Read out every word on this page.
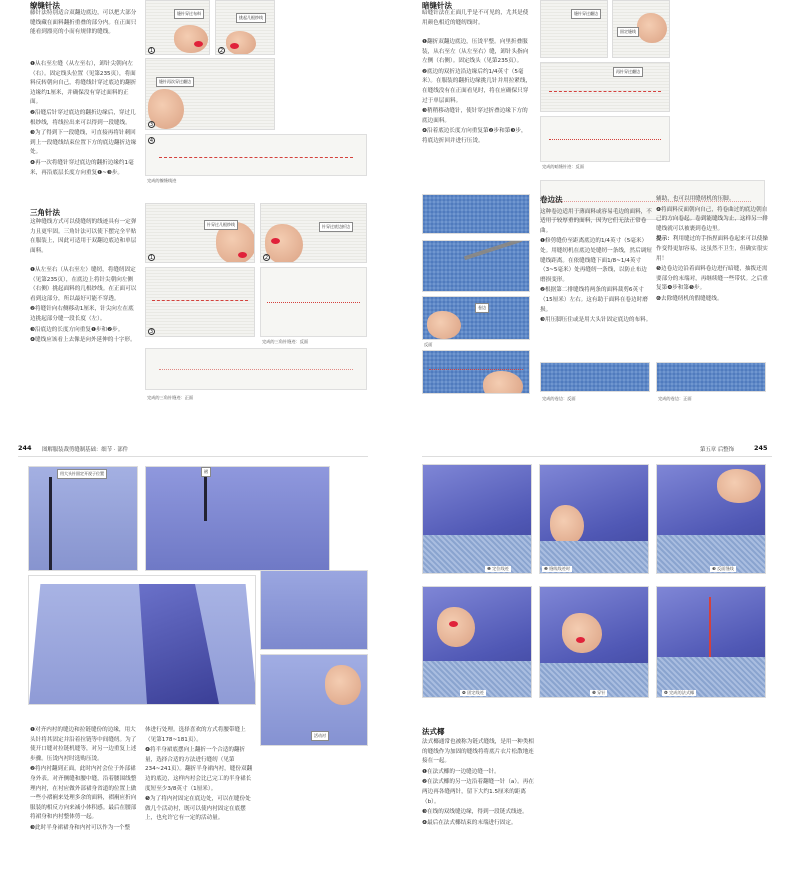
缭缝针法

藤针法特别适合双翻边底边，可以把大部分缝线藏在面料翻折重叠的部分内。在正面只能看到漂亮的小而有规律的缝线。

❶从右至左缝（从左至右），卸针尖朝向左（右）。固定线头位置（见第235页），将面料反转朝向自己，将缝线针穿过底边的翻折边缘约1厘米，并确保没有穿过面料的正面。

❷沿缝后针穿过底边的翻折边缘后，穿过几根纱线，将线拉出来可以得到一段缝线。

❸为了得到下一段缝线，可直接再将针刺回到上一段缝线结束位置下方的底边翻折边缘处。

❹再一次将缝针穿过底边的翻折边缘约1毫米，再沿底层长度方向重复❶~❸步。

缝针穿过布料
1
挑起几根纱线
2
缝针再次穿过翻边
3
4
完成的缭缝线迹
三角针法

这种缝线方式可以使缝纫的线迹具有一定弹力且更牢固。三角针法可以使下摆完全平贴在服装上，因此可适用于双翻边底边和单层面料。

❶从左至右（从右至左）缝纫，将缝纫固定（见第235页），在底边上将针尖朝向左侧（右侧）挑起面料的几根纱线。在正面可以看到这部分，所以最好可能不穿透。

❷将缝针向右侧移动1厘米，针尖向左在底边挑起部分缝一段长度（左）。

❸沿底边的长度方向重复❶步和❷步。

❹缝线应该看上去像是向外延伸的十字形。

针穿过几根纱线
1
针穿过底边折边
2
3
完成的三角针缝迹：反面
完成的三角针缝迹：正面
暗缝针法

暗缝针法在正面几乎是不可见的，尤其是使用颜色相近的缝纫线时。

❶翻折双翻边底边，压烫平整。向里折叠服装，从右至左（从左至右）缝，卸针头指向左侧（右侧）。固定线头（见第235页）。

❷底边的双折边沿边缘后约1/4英寸（5毫米）。在服装的翻折边缘挑几针并用拉紧线，在缝线没有在正面看见时，将在应确保只穿过于单层面料。

❸稍稍移动缝针，使针穿过折叠边缘下方的底边面料。

❹沿着底边长度方向重复第❷步和第❸步，将底边折回并进行压烫。

缝针穿过翻边
固定缝线
再针穿过翻边
完成的暗缝针迹：反面
卷边
反面
完成的卷边：反面	完成的卷边：正面

卷边法

这种卷边适用于薄面料或容易毛边的面料，不适用于较厚重的面料，因为它们无法正常卷曲。

❶修剪缝份至距离底边的1/4英寸（5毫米）处。用缝纫机在底边处缝纫一条线，然后调短缝线距离。在依缝线缝下面1/8~1/4英寸（3~5毫米）处再缝纫一条线，以防止布边磨损变形。

❷根据第二排缝线将两条的面料裁剪6英寸（15厘米）左右。这有助于面料在卷边时磨损。

❸用压脚压住或是用大头针固定底边的布料。

辅助，也可以用缝纫机的压脚。

❹将面料反面朝向自己，将卷曲过的底边朝自己的方向卷起。卷到能缝线为止，这样另一排缝线就可以被裹到卷边里。

提示：利用缝过的手指捏面料卷起来可以使操作变得更加容易，这虽然不卫生，但确实很实用！

❺边卷边边沿着面料卷边进行暗缝，抽拨还需要部分的末端对，再继续缝一些带状。之后重复第❹步和第❺步。

❻去除缝纫机的假缝缝线。

244 图解服装裁剪缝制基础：细节 · 部件
用大头针固定开衩子位置	褶
活动衬

❶对齐内衬的缝边和拉链缝份的边缘，用大头针将其固定并沿着拉链等中间缝纫。为了使开口缝对拉链机缝等，对另一边重复上述步骤。压烫内衬时选购压烫。

❷将内衬翻到正面，此时内衬会位于外部裙身外表。对齐侧缝和腰中缝，沿着腰围线整理内衬，在衬应做外部裙身省道的位置上做一些小褶裥来处理多余的面料，褶裥应折向服装的相反方向来减小体积感。最后在腰部将裙身和内衬整体剪一起。

❸此时半身裙裙身和内衬可以作为一个整

体进行处理。选择喜欢的方式将腰带缝上（见第178~181页）。

❹将半身裙底摆向上翻折一个合适的翻折量，选择合适的方法进行缝纫（见第234~241页）。翻折半身裙内衬，缝份双翻边的底边，这样内衬会比已完工的半身裙长度短至少3/8英寸（1厘米）。

❺为了将内衬固定在底边处，可以在缝份处做几个活动衬，既可以使内衬固定在底摆上，也允许它有一定的活动量。

第五章 后整饰	245
❶ 定位线迹	❷ 缝线线迹时	❸ 反面缝线
❹ 固定线迹	❺ 穿针	❻ 完成的法式椰
法式椰

法式椰通常也被称为链式缝线，是用一种类相的缝线作为加固的缝线将将底片衣片松散地连接在一起。

❶在法式椰的一边缝边缝一针。

❷在法式椰的另一边沿着翻缝一针（a）。再在两边再各缝两针，留下大约1.5厘米的距离（b）。

❸在线的双线缝边缘，得到一段链式线迹。

❹最后在法式椰结束的末端进行固定。
